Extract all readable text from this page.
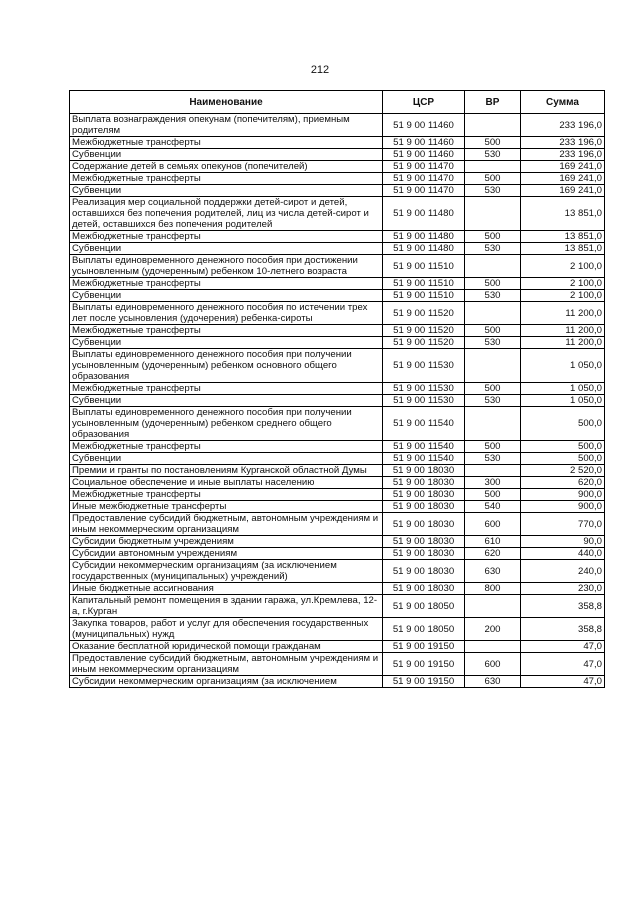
212
Наименование	ЦСР	ВР	Сумма
Выплата вознаграждения опекунам (попечителям), приемным родителям	51 9 00 11460		233 196,0
Межбюджетные трансферты	51 9 00 11460	500	233 196,0
Субвенции	51 9 00 11460	530	233 196,0
Содержание детей в семьях опекунов (попечителей)	51 9 00 11470		169 241,0
Межбюджетные трансферты	51 9 00 11470	500	169 241,0
Субвенции	51 9 00 11470	530	169 241,0
Реализация мер социальной поддержки детей-сирот и детей, оставшихся без попечения родителей, лиц из числа детей-сирот и детей, оставшихся без попечения родителей	51 9 00 11480		13 851,0
Межбюджетные трансферты	51 9 00 11480	500	13 851,0
Субвенции	51 9 00 11480	530	13 851,0
Выплаты единовременного денежного пособия при достижении усыновленным (удочеренным) ребенком 10-летнего возраста	51 9 00 11510		2 100,0
Межбюджетные трансферты	51 9 00 11510	500	2 100,0
Субвенции	51 9 00 11510	530	2 100,0
Выплаты единовременного денежного пособия по истечении трех лет после усыновления (удочерения) ребенка-сироты	51 9 00 11520		11 200,0
Межбюджетные трансферты	51 9 00 11520	500	11 200,0
Субвенции	51 9 00 11520	530	11 200,0
Выплаты единовременного денежного пособия при получении усыновленным (удочеренным) ребенком основного общего образования	51 9 00 11530		1 050,0
Межбюджетные трансферты	51 9 00 11530	500	1 050,0
Субвенции	51 9 00 11530	530	1 050,0
Выплаты единовременного денежного пособия при получении усыновленным (удочеренным) ребенком среднего общего образования	51 9 00 11540		500,0
Межбюджетные трансферты	51 9 00 11540	500	500,0
Субвенции	51 9 00 11540	530	500,0
Премии и гранты по постановлениям Курганской областной Думы	51 9 00 18030		2 520,0
Социальное обеспечение и иные выплаты населению	51 9 00 18030	300	620,0
Межбюджетные трансферты	51 9 00 18030	500	900,0
Иные межбюджетные трансферты	51 9 00 18030	540	900,0
Предоставление субсидий бюджетным, автономным учреждениям и иным некоммерческим организациям	51 9 00 18030	600	770,0
Субсидии бюджетным учреждениям	51 9 00 18030	610	90,0
Субсидии автономным учреждениям	51 9 00 18030	620	440,0
Субсидии некоммерческим организациям (за исключением государственных (муниципальных) учреждений)	51 9 00 18030	630	240,0
Иные бюджетные ассигнования	51 9 00 18030	800	230,0
Капитальный ремонт помещения в здании гаража, ул.Кремлева, 12-а, г.Курган	51 9 00 18050		358,8
Закупка товаров, работ и услуг для обеспечения государственных (муниципальных) нужд	51 9 00 18050	200	358,8
Оказание бесплатной юридической помощи гражданам	51 9 00 19150		47,0
Предоставление субсидий бюджетным, автономным учреждениям и иным некоммерческим организациям	51 9 00 19150	600	47,0
Субсидии некоммерческим организациям (за исключением	51 9 00 19150	630	47,0
